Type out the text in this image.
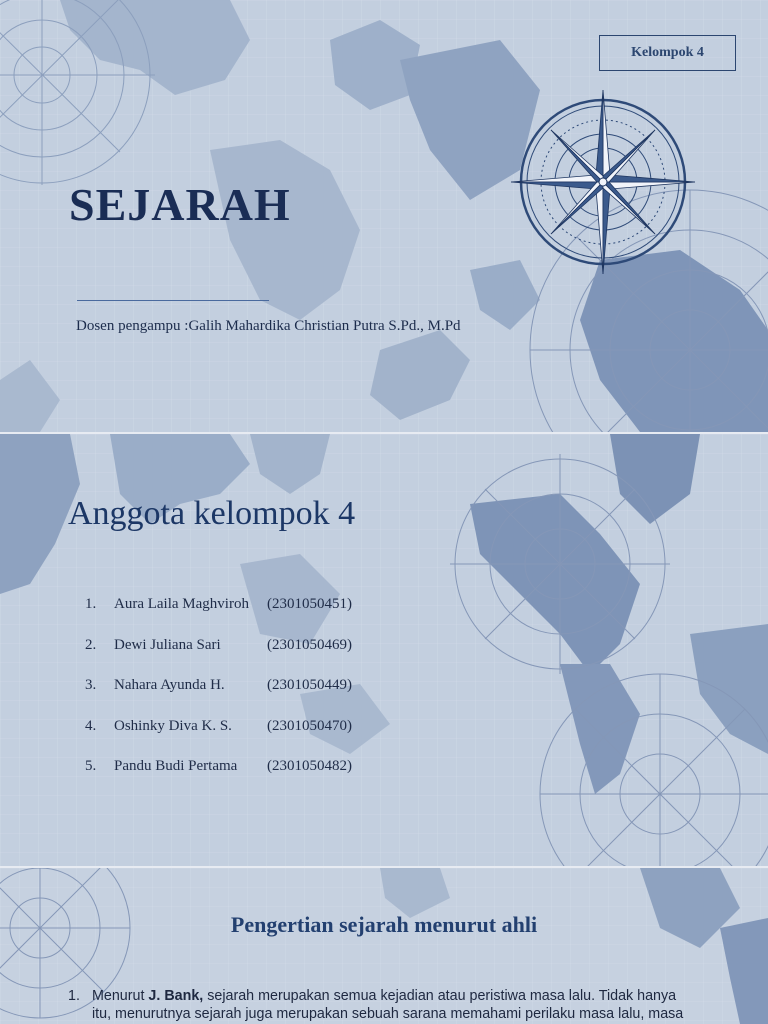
Kelompok 4
SEJARAH
Dosen pengampu :Galih Mahardika Christian Putra S.Pd., M.Pd
Anggota kelompok 4
1.	Aura Laila Maghviroh	(2301050451)
2.	Dewi Juliana Sari	(2301050469)
3.	Nahara Ayunda H.	(2301050449)
4.	Oshinky Diva K. S.	(2301050470)
5.	Pandu Budi Pertama	(2301050482)
Pengertian sejarah menurut ahli
1. Menurut J. Bank, sejarah merupakan semua kejadian atau peristiwa masa lalu. Tidak hanya
itu, menurutnya sejarah juga merupakan sebuah sarana memahami perilaku masa lalu, masa
